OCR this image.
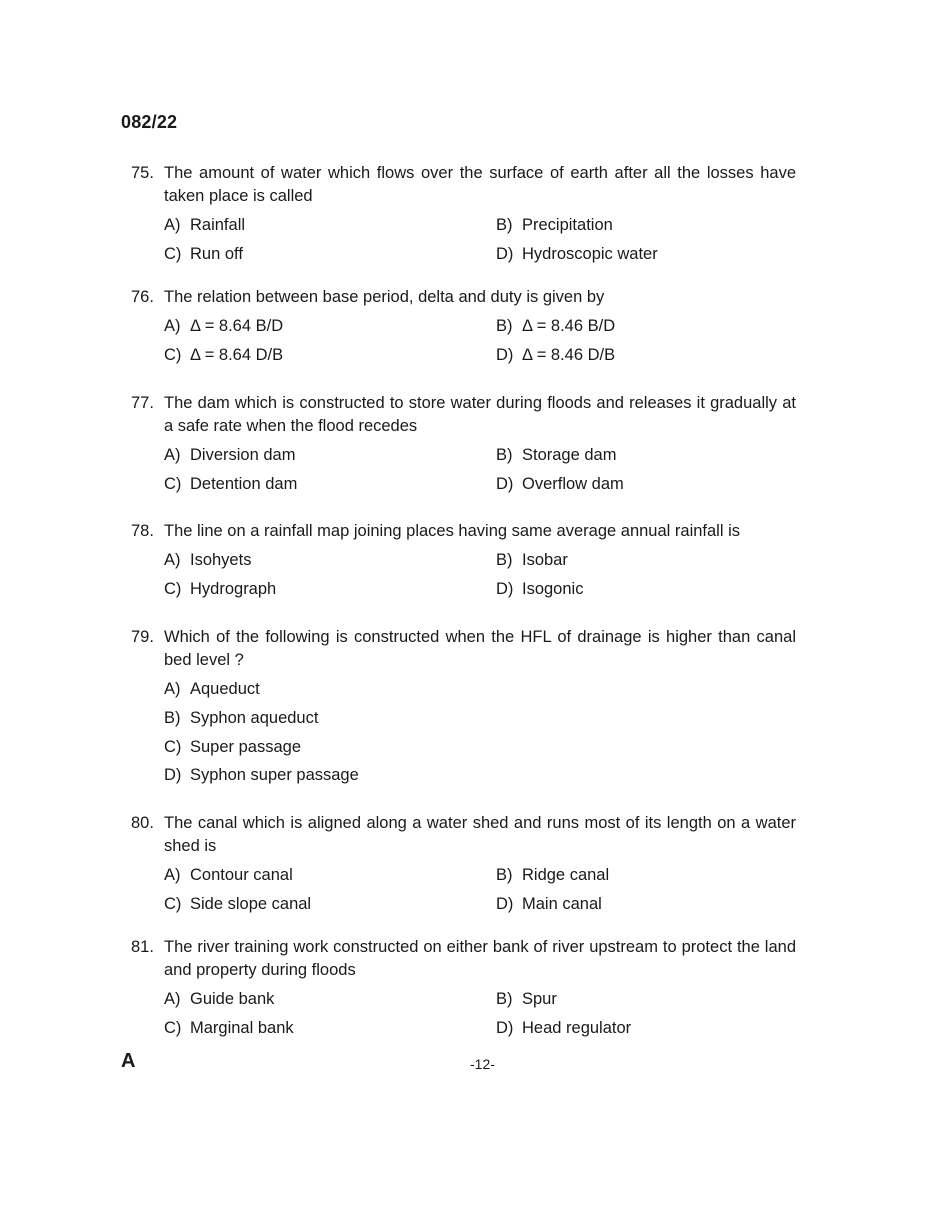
082/22
75. The amount of water which flows over the surface of earth after all the losses have taken place is called
A) Rainfall	B) Precipitation
C) Run off	D) Hydroscopic water
76. The relation between base period, delta and duty is given by
A) Δ = 8.64 B/D	B) Δ = 8.46 B/D
C) Δ = 8.64 D/B	D) Δ = 8.46 D/B
77. The dam which is constructed to store water during floods and releases it gradually at a safe rate when the flood recedes
A) Diversion dam	B) Storage dam
C) Detention dam	D) Overflow dam
78. The line on a rainfall map joining places having same average annual rainfall is
A) Isohyets	B) Isobar
C) Hydrograph	D) Isogonic
79. Which of the following is constructed when the HFL of drainage is higher than canal bed level ?
A) Aqueduct
B) Syphon aqueduct
C) Super passage
D) Syphon super passage
80. The canal which is aligned along a water shed and runs most of its length on a water shed is
A) Contour canal	B) Ridge canal
C) Side slope canal	D) Main canal
81. The river training work constructed on either bank of river upstream to protect the land and property during floods
A) Guide bank	B) Spur
C) Marginal bank	D) Head regulator
A	-12-
